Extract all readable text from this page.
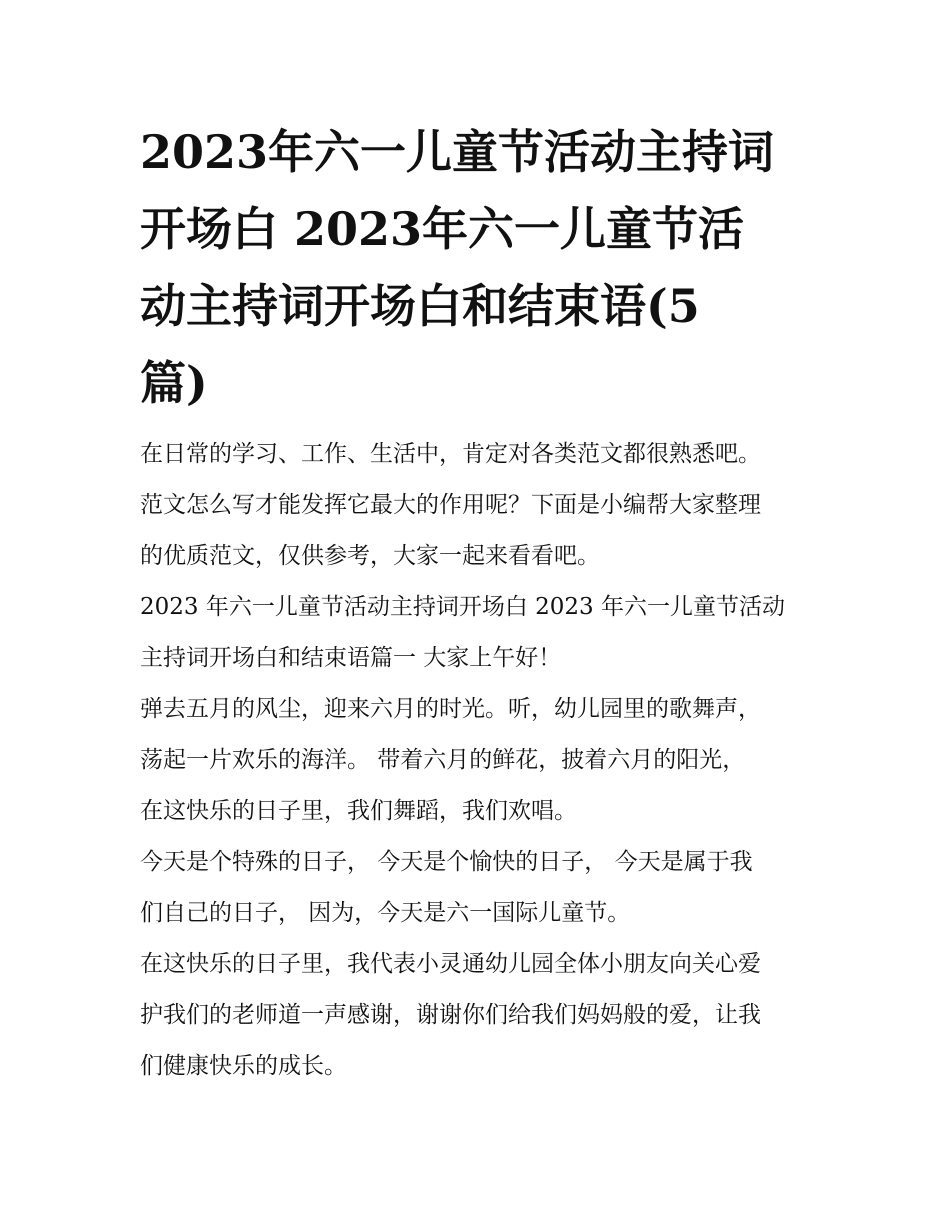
2023年六一儿童节活动主持词
开场白 2023年六一儿童节活
动主持词开场白和结束语(5
篇)
在日常的学习、工作、生活中，肯定对各类范文都很熟悉吧。
范文怎么写才能发挥它最大的作用呢？下面是小编帮大家整理
的优质范文，仅供参考，大家一起来看看吧。
2023 年六一儿童节活动主持词开场白 2023 年六一儿童节活动
主持词开场白和结束语篇一 大家上午好！
弹去五月的风尘，迎来六月的时光。听，幼儿园里的歌舞声，
荡起一片欢乐的海洋。 带着六月的鲜花，披着六月的阳光，
在这快乐的日子里，我们舞蹈，我们欢唱。
今天是个特殊的日子， 今天是个愉快的日子， 今天是属于我
们自己的日子， 因为，今天是六一国际儿童节。
在这快乐的日子里，我代表小灵通幼儿园全体小朋友向关心爱
护我们的老师道一声感谢，谢谢你们给我们妈妈般的爱，让我
们健康快乐的成长。
